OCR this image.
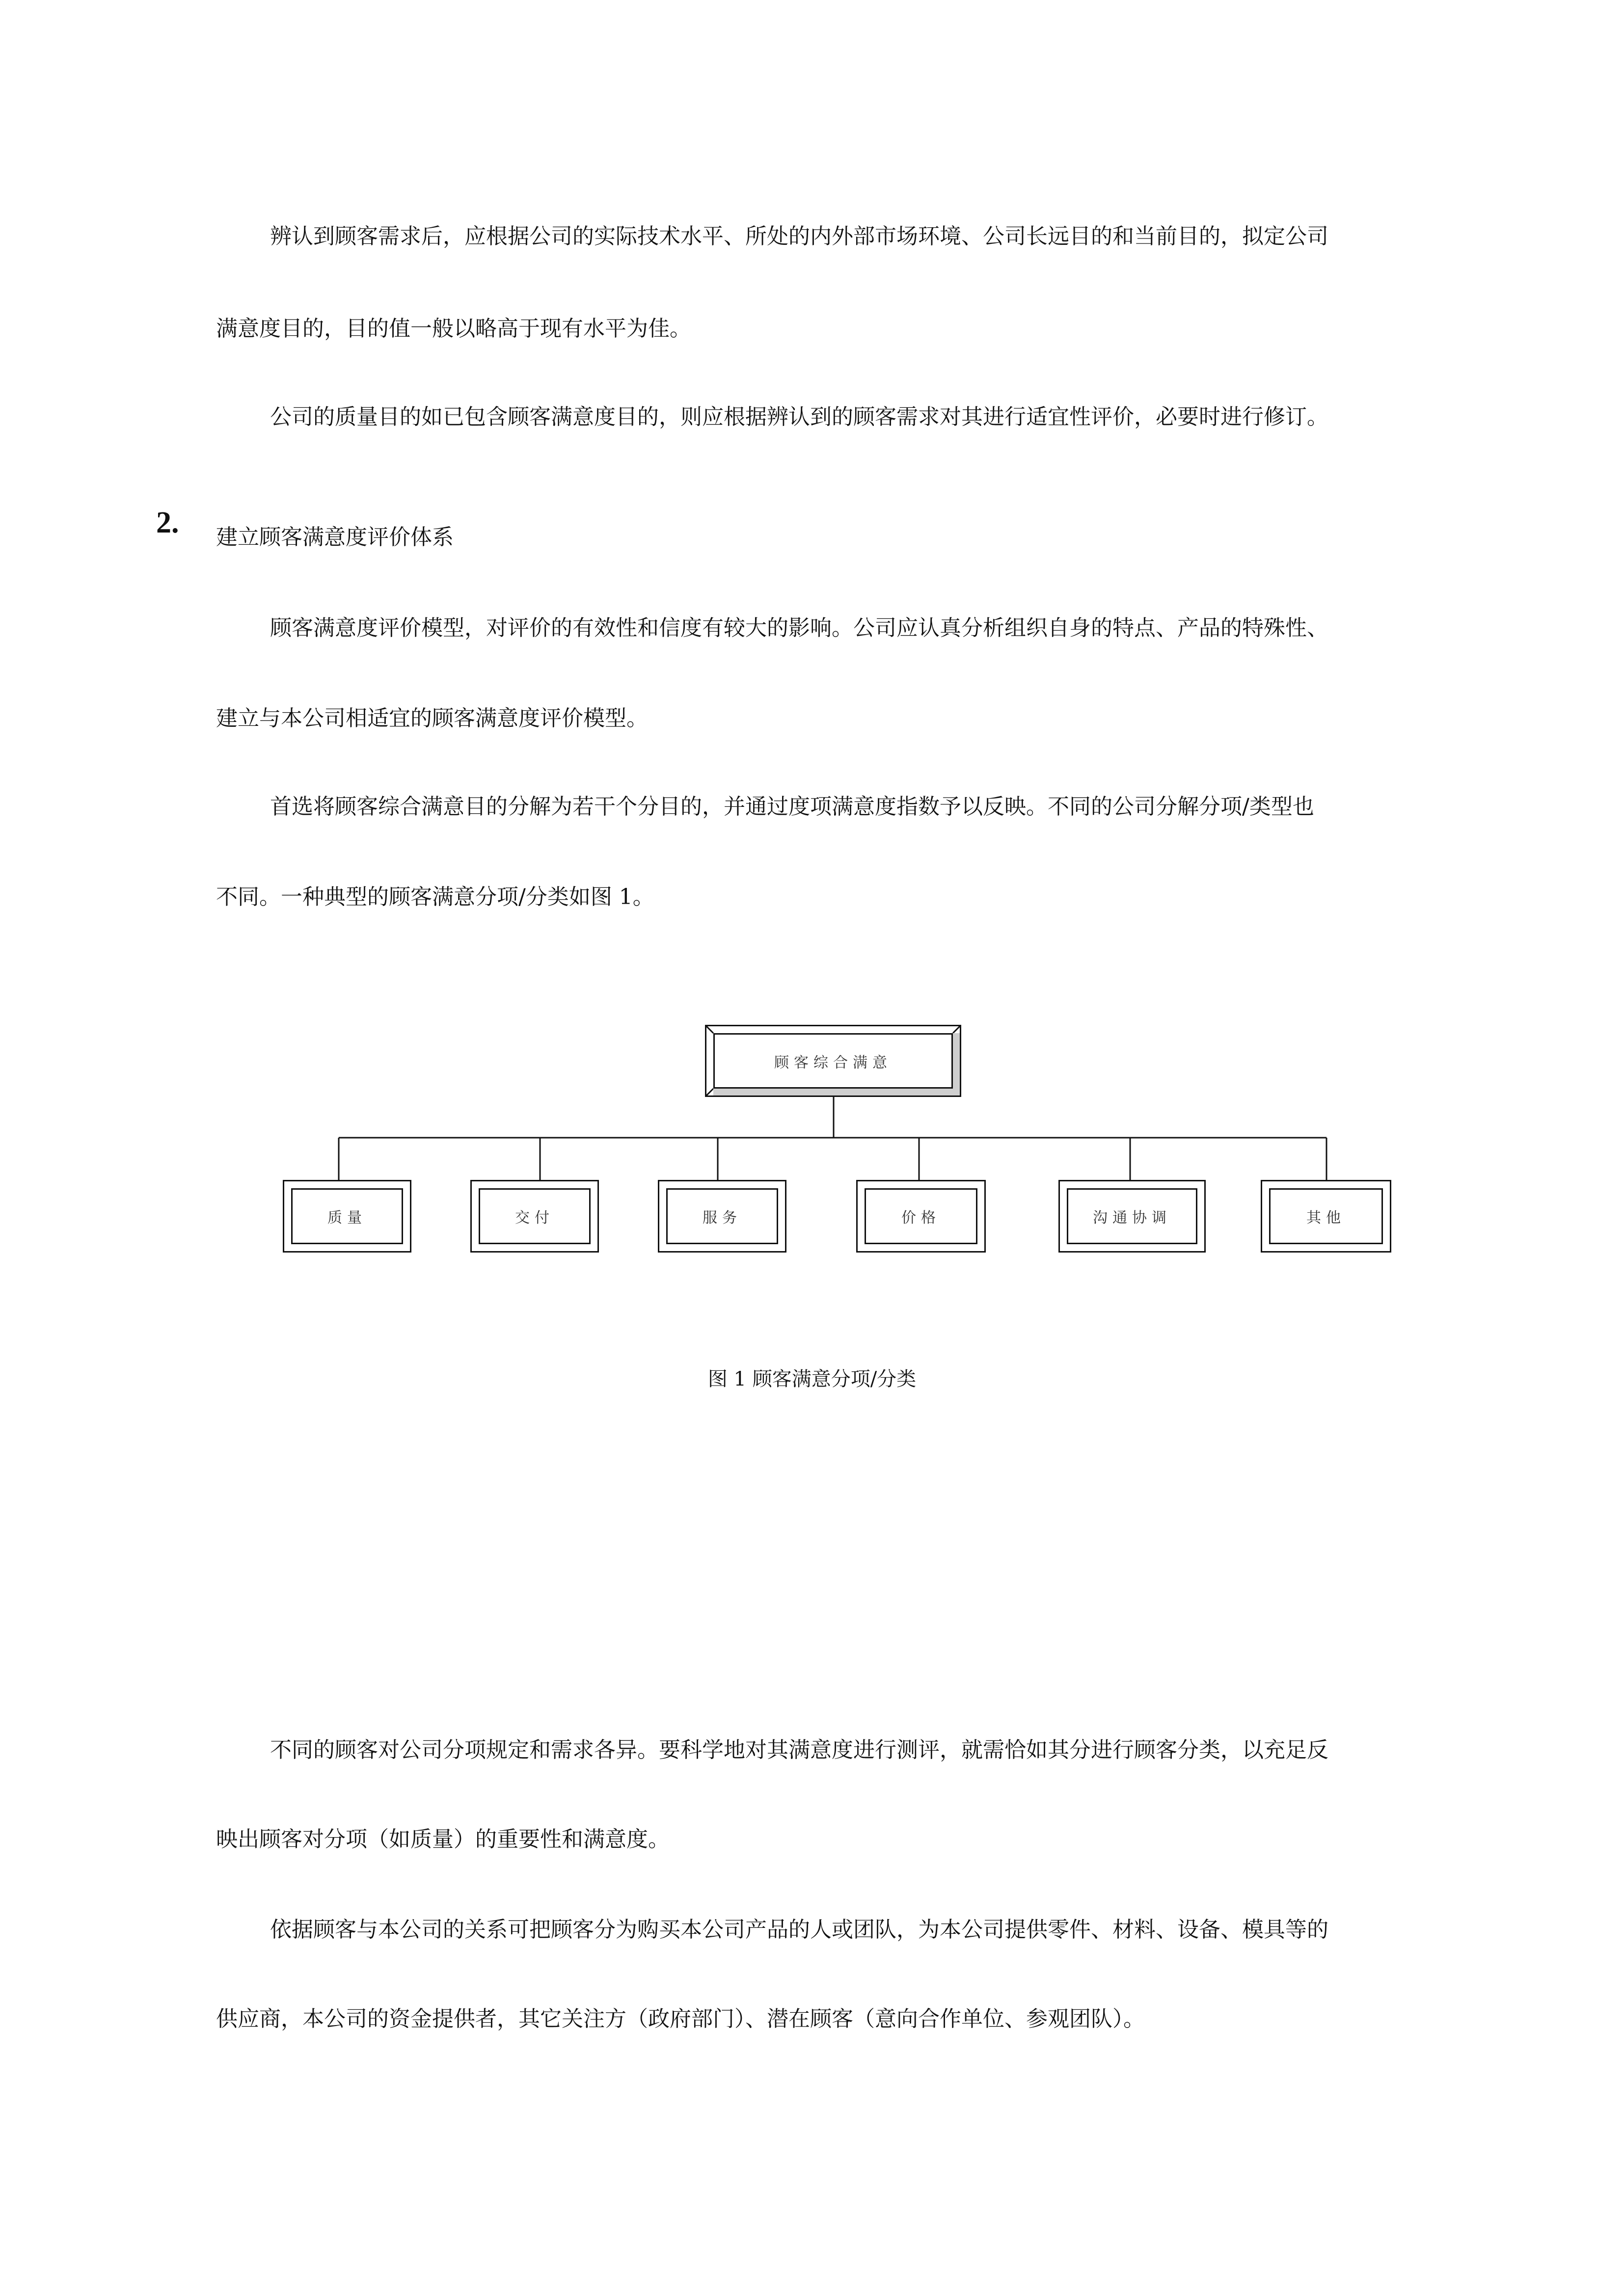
辨认到顾客需求后，应根据公司的实际技术水平、所处的内外部市场环境、公司长远目的和当前目的，拟定公司
满意度目的，目的值一般以略高于现有水平为佳。
公司的质量目的如已包含顾客满意度目的，则应根据辨认到的顾客需求对其进行适宜性评价，必要时进行修订。
2. 建立顾客满意度评价体系
顾客满意度评价模型，对评价的有效性和信度有较大的影响。公司应认真分析组织自身的特点、产品的特殊性、
建立与本公司相适宜的顾客满意度评价模型。
首选将顾客综合满意目的分解为若干个分目的，并通过度项满意度指数予以反映。不同的公司分解分项/类型也
不同。一种典型的顾客满意分项/分类如图 1。
顾客综合满意
质量	交付	服务	价格	沟通协调	其他
图 1 顾客满意分项/分类
不同的顾客对公司分项规定和需求各异。要科学地对其满意度进行测评，就需恰如其分进行顾客分类，以充足反
映出顾客对分项（如质量）的重要性和满意度。
依据顾客与本公司的关系可把顾客分为购买本公司产品的人或团队，为本公司提供零件、材料、设备、模具等的
供应商，本公司的资金提供者，其它关注方（政府部门）、潜在顾客（意向合作单位、参观团队）。
